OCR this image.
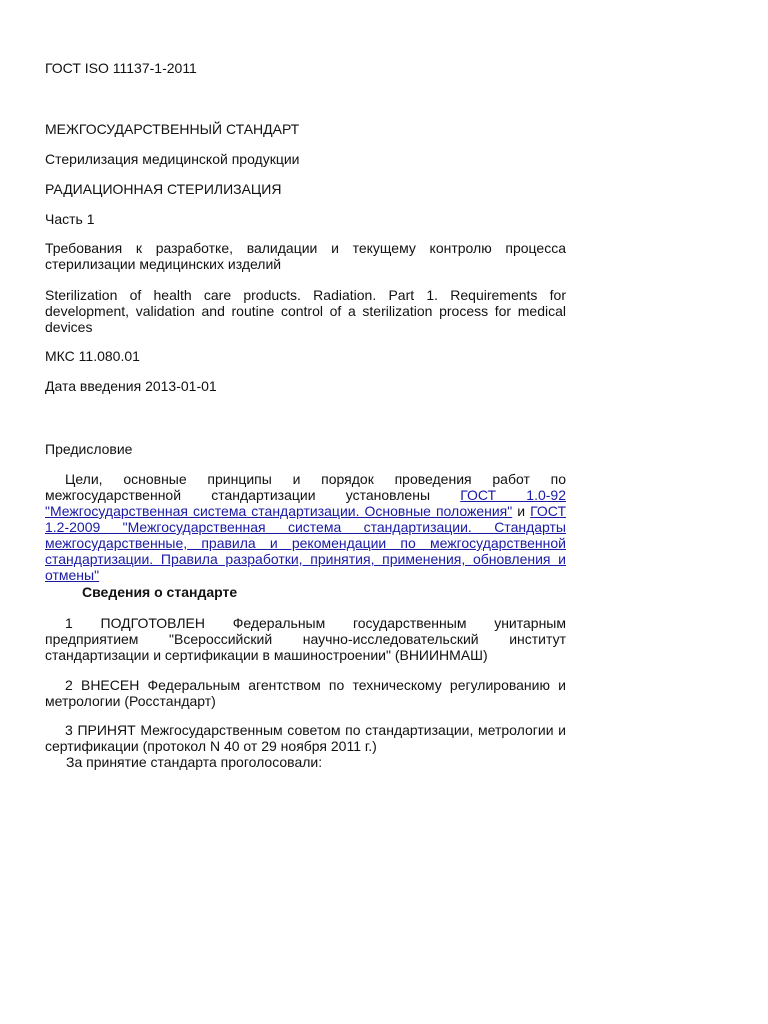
ГОСТ ISO 11137-1-2011

МЕЖГОСУДАРСТВЕННЫЙ СТАНДАРТ

Стерилизация медицинской продукции

РАДИАЦИОННАЯ СТЕРИЛИЗАЦИЯ

Часть 1

Требования к разработке, валидации и текущему контролю процесса стерилизации медицинских изделий

Sterilization of health care products. Radiation. Part 1. Requirements for development, validation and routine control of a sterilization process for medical devices

МКС 11.080.01

Дата введения 2013-01-01

Предисловие

Цели, основные принципы и порядок проведения работ по межгосударственной стандартизации установлены ГОСТ 1.0-92 "Межгосударственная система стандартизации. Основные положения" и ГОСТ 1.2-2009 "Межгосударственная система стандартизации. Стандарты межгосударственные, правила и рекомендации по межгосударственной стандартизации. Правила разработки, принятия, применения, обновления и отмены"

Сведения о стандарте

1 ПОДГОТОВЛЕН Федеральным государственным унитарным предприятием "Всероссийский научно-исследовательский институт стандартизации и сертификации в машиностроении" (ВНИИНМАШ)

2 ВНЕСЕН Федеральным агентством по техническому регулированию и метрологии (Росстандарт)

3 ПРИНЯТ Межгосударственным советом по стандартизации, метрологии и сертификации (протокол N 40 от 29 ноября 2011 г.)

За принятие стандарта проголосовали:
